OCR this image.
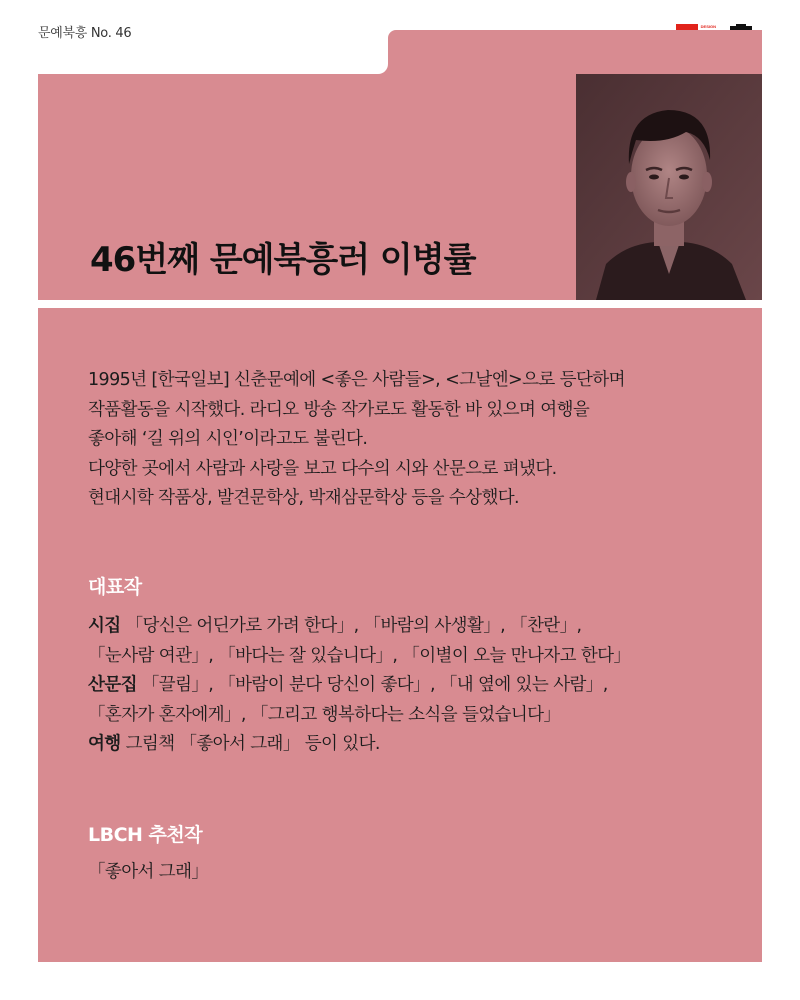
문예북흥 No. 46	DESIGN
46번째 문예북흥러 이병률

1995년 [한국일보] 신춘문예에 <좋은 사람들>, <그날엔>으로 등단하며

작품활동을 시작했다. 라디오 방송 작가로도 활동한 바 있으며 여행을

좋아해 ‘길 위의 시인’이라고도 불린다.

다양한 곳에서 사람과 사랑을 보고 다수의 시와 산문으로 펴냈다.

현대시학 작품상, 발견문학상, 박재삼문학상 등을 수상했다.

대표작

시집 「당신은 어딘가로 가려 한다」, 「바람의 사생활」, 「찬란」,

「눈사람 여관」, 「바다는 잘 있습니다」, 「이별이 오늘 만나자고 한다」

산문집 「끌림」, 「바람이 분다 당신이 좋다」, 「내 옆에 있는 사람」,

「혼자가 혼자에게」, 「그리고 행복하다는 소식을 들었습니다」

여행 그림책 「좋아서 그래」 등이 있다.

LBCH 추천작
「좋아서 그래」
